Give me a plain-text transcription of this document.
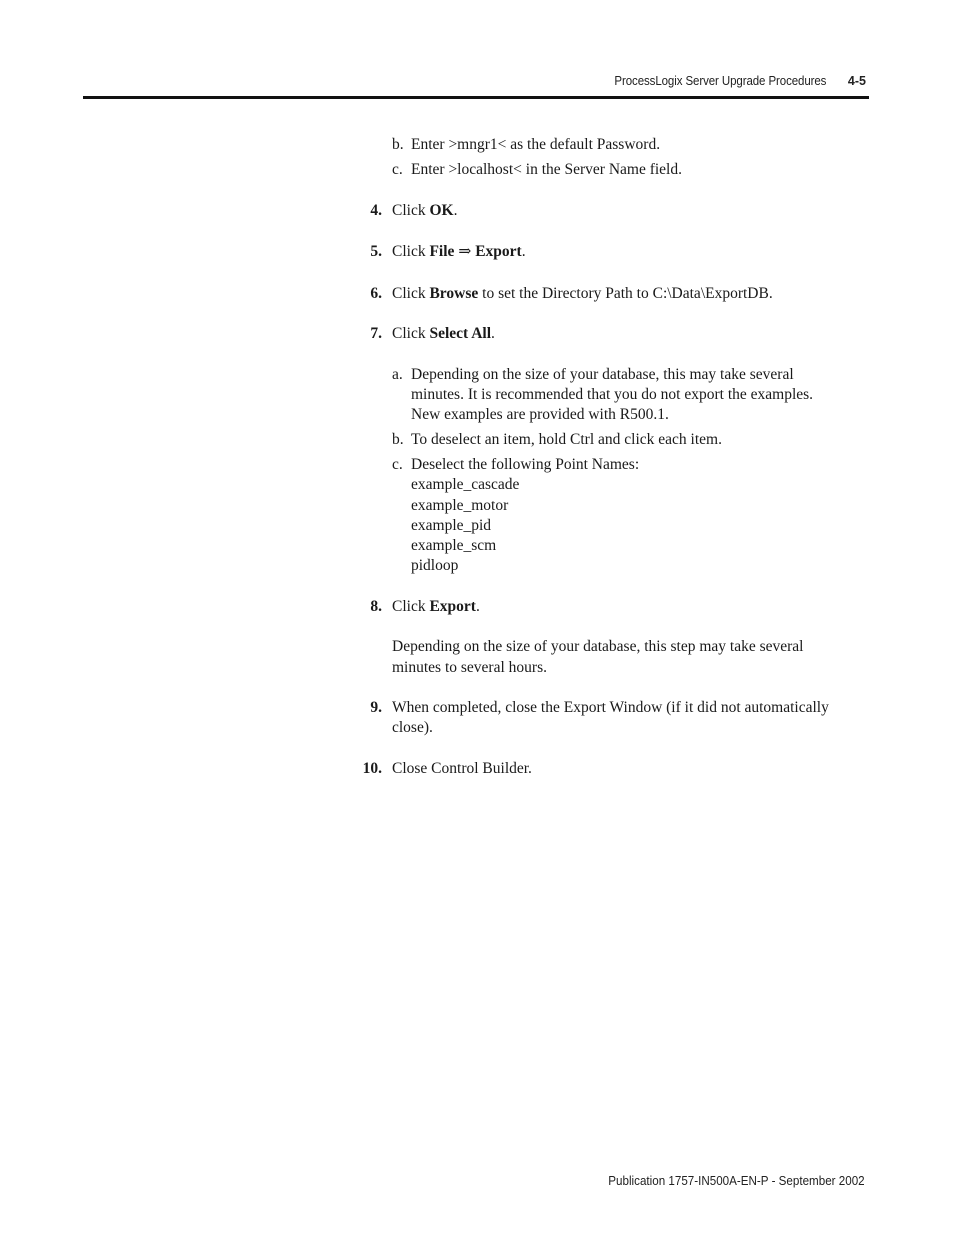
ProcessLogix Server Upgrade Procedures 4-5
b. Enter >mngr1< as the default Password.
c. Enter >localhost< in the Server Name field.
4. Click OK.
5. Click File ⇒ Export.
6. Click Browse to set the Directory Path to C:\Data\ExportDB.
7. Click Select All.
a. Depending on the size of your database, this may take several
minutes. It is recommended that you do not export the examples.
New examples are provided with R500.1.
b. To deselect an item, hold Ctrl and click each item.
c. Deselect the following Point Names:
example_cascade
example_motor
example_pid
example_scm
pidloop
8. Click Export.
Depending on the size of your database, this step may take several
minutes to several hours.
9. When completed, close the Export Window (if it did not automatically
close).
10. Close Control Builder.
Publication 1757-IN500A-EN-P - September 2002
